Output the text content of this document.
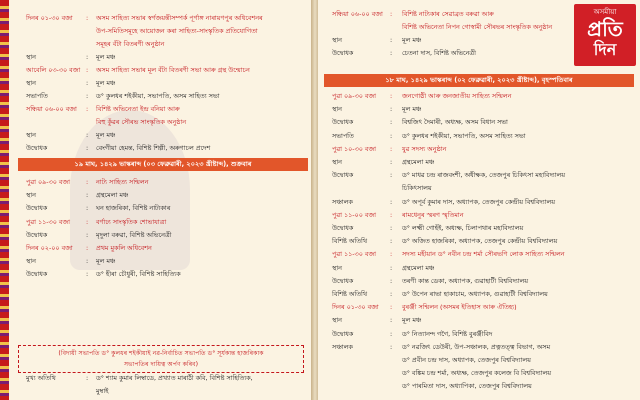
দিনৰ ০১-৩০ বজা : অসম সাহিত্য সভাৰ স্বৰ্ণজয়ন্তীসম্পৰ্ক পূৰ্ণাঙ্গ নাৰায়ণপুৰ অধিবেশনৰ
উপ-সমিতিসমূহে আয়োজন কৰা সাহিত্য-সাংস্কৃতিক প্ৰতিযোগিতা
সমূহৰ বঁটা বিতৰণী অনুষ্ঠান
স্থান	: মূল মঞ্চ
আবেলি ০৩-৩০ বজা : অসম সাহিত্য সভাৰ মূল বঁটা বিতৰণী সভা আৰু গ্ৰন্থ উন্মোচন
স্থান	: মূল মঞ্চ
সভাপতি	: ড° কুলধৰ শইকীয়া, সভাপতি, অসম সাহিত্য সভা
সন্ধিয়া ০৬-০০ বজা : বিশিষ্ট অভিনেতা ইন্দ্ৰ বনিয়া আৰু
বিহু কুঁৱৰ সৌৰভ সাংস্কৃতিক অনুষ্ঠান
স্থান	: মূল মঞ্চ
উদ্বোধক	: বেংগীয়া হেমন্ত, বিশিষ্ট শিল্পী, অৰুণাচল প্ৰদেশ
১৯ মাঘ, ১৪২৯ ভাস্কৰাব্দ (০৩ ফেব্ৰুৱাৰী, ২০২৩ খ্ৰীষ্টাব্দ), শুক্ৰবাৰ
পুৱা ০৯-৩০ বজা : নাট্য সাহিত্য সন্মিলন
স্থান	: গ্ৰন্থমেলা মঞ্চ
উদ্বোধক	: ঘন হাজৰিকা, বিশিষ্ট নাট্যকাৰ
পুৱা ১১-৩০ বজা : বৰ্ণাঢ্য সাংস্কৃতিক শোভাযাত্ৰা
উদ্বোধক	: মৃদুলা বৰুৱা, বিশিষ্ট অভিনেত্ৰী
দিনৰ ০২-০০ বজা : প্ৰথম মুকলি অধিবেশন
স্থান	: মূল মঞ্চ
উদ্বোধক	: ড° হীৰা চৌধুৰী, বিশিষ্ট সাহিত্যিক
(বিদায়ী সভাপতি ড° কুলধৰ শইকীয়াই নৱ-নিৰ্বাচিত সভাপতি ড° সূৰ্যকান্ত হাজৰিকাক
সভাপতিৰ দায়িত্ব অৰ্পণ কৰিব)
মুখ্য অতিথি	: ড° শ্যাম কুমাৰ লিম্বাডে, প্ৰখ্যাত মাৰাঠী কবি, বিশিষ্ট সাহিত্যিক,
মুম্বাই
অসমীয়া
প্ৰতি
দিন
সন্ধিয়া ০৬-০০ বজা : বিশিষ্ট নাট্যকাৰ সেৱাব্ৰত বৰুৱা আৰু
বিশিষ্ট অভিনেতা নিপন গোস্বামী সৌৰভৰ সাংস্কৃতিক অনুষ্ঠান
স্থান	: মূল মঞ্চ
উদ্বোধক	: চেতনা দাস, বিশিষ্ট অভিনেত্ৰী
১৮ মাঘ, ১৪২৯ ভাস্কৰাব্দ (০২ ফেব্ৰুৱাৰী, ২০২৩ খ্ৰীষ্টাব্দ), বৃহস্পতিবাৰ
পুৱা ০৯-৩০ বজা : জনগোষ্ঠী আৰু জনজাতীয় সাহিত্য সন্মিলন
স্থান	: মূল মঞ্চ
উদ্বোধক	: বিশ্বজিৎ দৈমাৰী, অধ্যক্ষ, অসম বিধান সভা
সভাপতি	: ড° কুলধৰ শইকীয়া, সভাপতি, অসম সাহিত্য সভা
পুৱা ১০-৩০ বজা : যুৱ সদস্য অনুষ্ঠান
স্থান	: গ্ৰন্থমেলা মঞ্চ
উদ্বোধক	: ড° মাধৱ চন্দ্ৰ ৰাজবংশী, অধীক্ষক, তেজপুৰ চিকিৎসা মহাবিদ্যালয়
চিকিৎসালয়
সঞ্চালক	: ড° অপূৰ্ব কুমাৰ দাস, অধ্যাপক, তেজপুৰ কেন্দ্ৰীয় বিশ্ববিদ্যালয়
পুৱা ১১-০০ বজা : ৰামধেনুৰ স্মৰণ স্মৃতিমান
উদ্বোধক	: ড° লক্ষ্মী গোহঁই, অধ্যক্ষ, চিলাপথাৰ মহাবিদ্যালয়
বিশিষ্ট অতিথি	: ড° অজিত হাজৰিকা, অধ্যাপক, তেজপুৰ কেন্দ্ৰীয় বিশ্ববিদ্যালয়
পুৱা ১১-৩০ বজা : সদস্য মহীয়ান ড° নবীন চন্দ্ৰ শৰ্মা সৌৰভণি লোক সাহিত্য সন্মিলন
স্থান	: গ্ৰন্থমেলা মঞ্চ
উদ্বোধক	: তৰণী কান্ত ডেকা, অধ্যাপক, গুৱাহাটী বিশ্ববিদ্যালয়
বিশিষ্ট অতিথি	: ড° উপেন ৰাভা হাকাচাম, অধ্যাপক, গুৱাহাটী বিশ্ববিদ্যালয়
দিনৰ ০১-৩০ বজা : বুৰঞ্জী সন্মিলন (অসমৰ ইতিহাস আৰু ঐতিহ্য)
স্থান	: মূল মঞ্চ
উদ্বোধক	: ড° নিত্যানন্দ গগৈ, বিশিষ্ট বুৰঞ্জীবিদ
সঞ্চালক	: ড° নৱজিৎ ডেউৰী, উপ-সঞ্চালক, প্ৰত্নতত্ত্ব বিভাগ, অসম
ড° প্ৰবীন চন্দ্ৰ দাস, অধ্যাপক, তেজপুৰ বিশ্ববিদ্যালয়
ড° বঙ্কিম চন্দ্ৰ শৰ্মা, অধ্যক্ষ, তেজপুৰ কলেজ বি বিশ্ববিদ্যালয়
ড° পাৰমিতা দাস, অধ্যাপিকা, তেজপুৰ বিশ্ববিদ্যালয়
